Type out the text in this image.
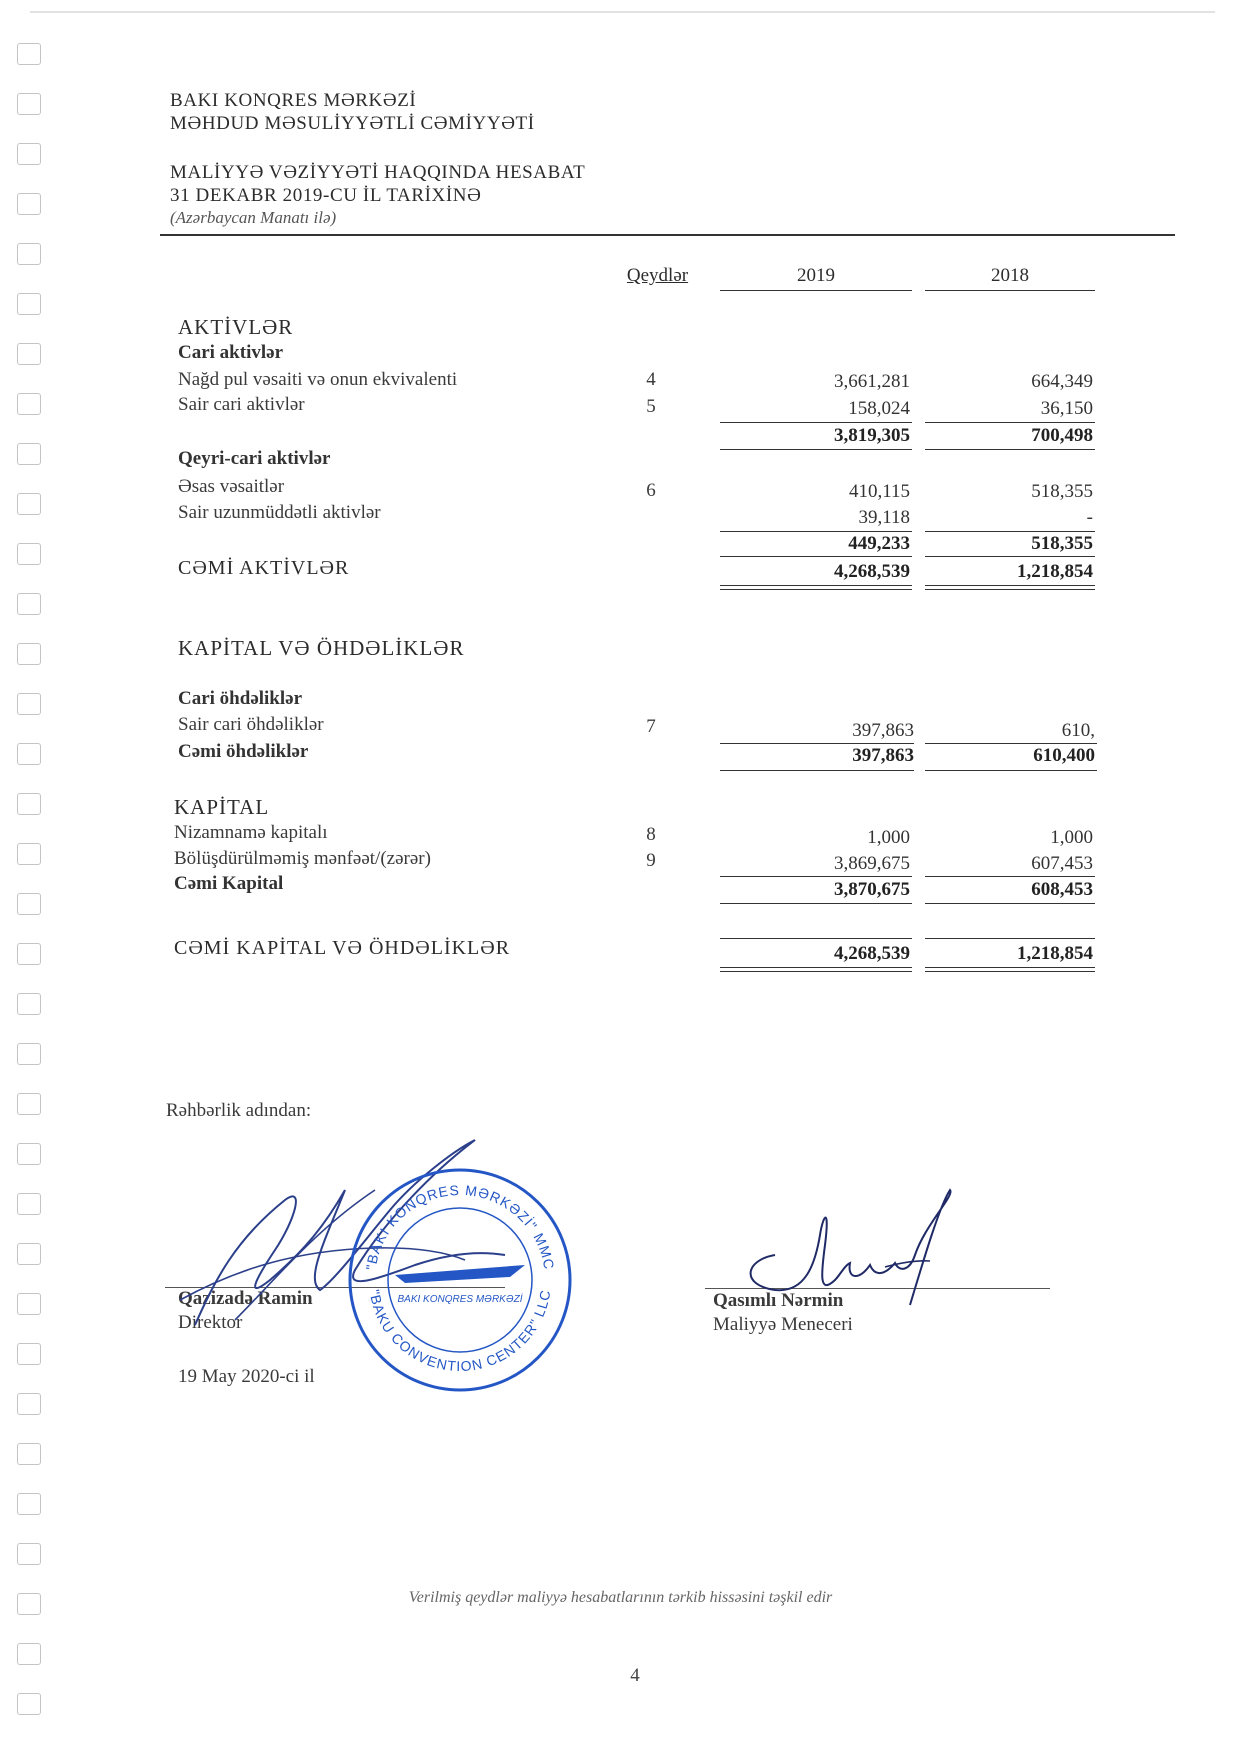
BAKI KONQRES MƏRKƏZİ
MƏHDUD MƏSULİYYƏTLİ CƏMİYYƏTİ
MALİYYƏ VƏZİYYƏTİ HAQQINDA HESABAT
31 DEKABR 2019-CU İL TARİXİNƏ
(Azərbaycan Manatı ilə)
Qeydlər	2019	2018
AKTİVLƏR
Cari aktivlər
Nağd pul vəsaiti və onun ekvivalenti	4	3,661,281	664,349
Sair cari aktivlər	5	158,024	36,150
3,819,305	700,498
Qeyri-cari aktivlər
Əsas vəsaitlər	6	410,115	518,355
Sair uzunmüddətli aktivlər	39,118	-
449,233	518,355
CƏMİ AKTİVLƏR	4,268,539	1,218,854
KAPİTAL VƏ ÖHDƏLİKLƏR
Cari öhdəliklər
Sair cari öhdəliklər	7	397,863	610,
Cəmi öhdəliklər	397,863	610,400
KAPİTAL
Nizamnamə kapitalı	8	1,000	1,000
Bölüşdürülməmiş mənfəət/(zərər)	9	3,869,675	607,453
Cəmi Kapital	3,870,675	608,453
CƏMİ KAPİTAL VƏ ÖHDƏLİKLƏR	4,268,539	1,218,854
Rəhbərlik adından:
Qazizadə Ramin
Direktor
19 May 2020-ci il
Qasımlı Nərmin
Maliyyə Meneceri
"BAKI KONQRES MƏRKƏZİ" MMC
"BAKU CONVENTION CENTER" LLC
BAKI KONQRES MƏRKƏZİ
Verilmiş qeydlər maliyyə hesabatlarının tərkib hissəsini təşkil edir
4
